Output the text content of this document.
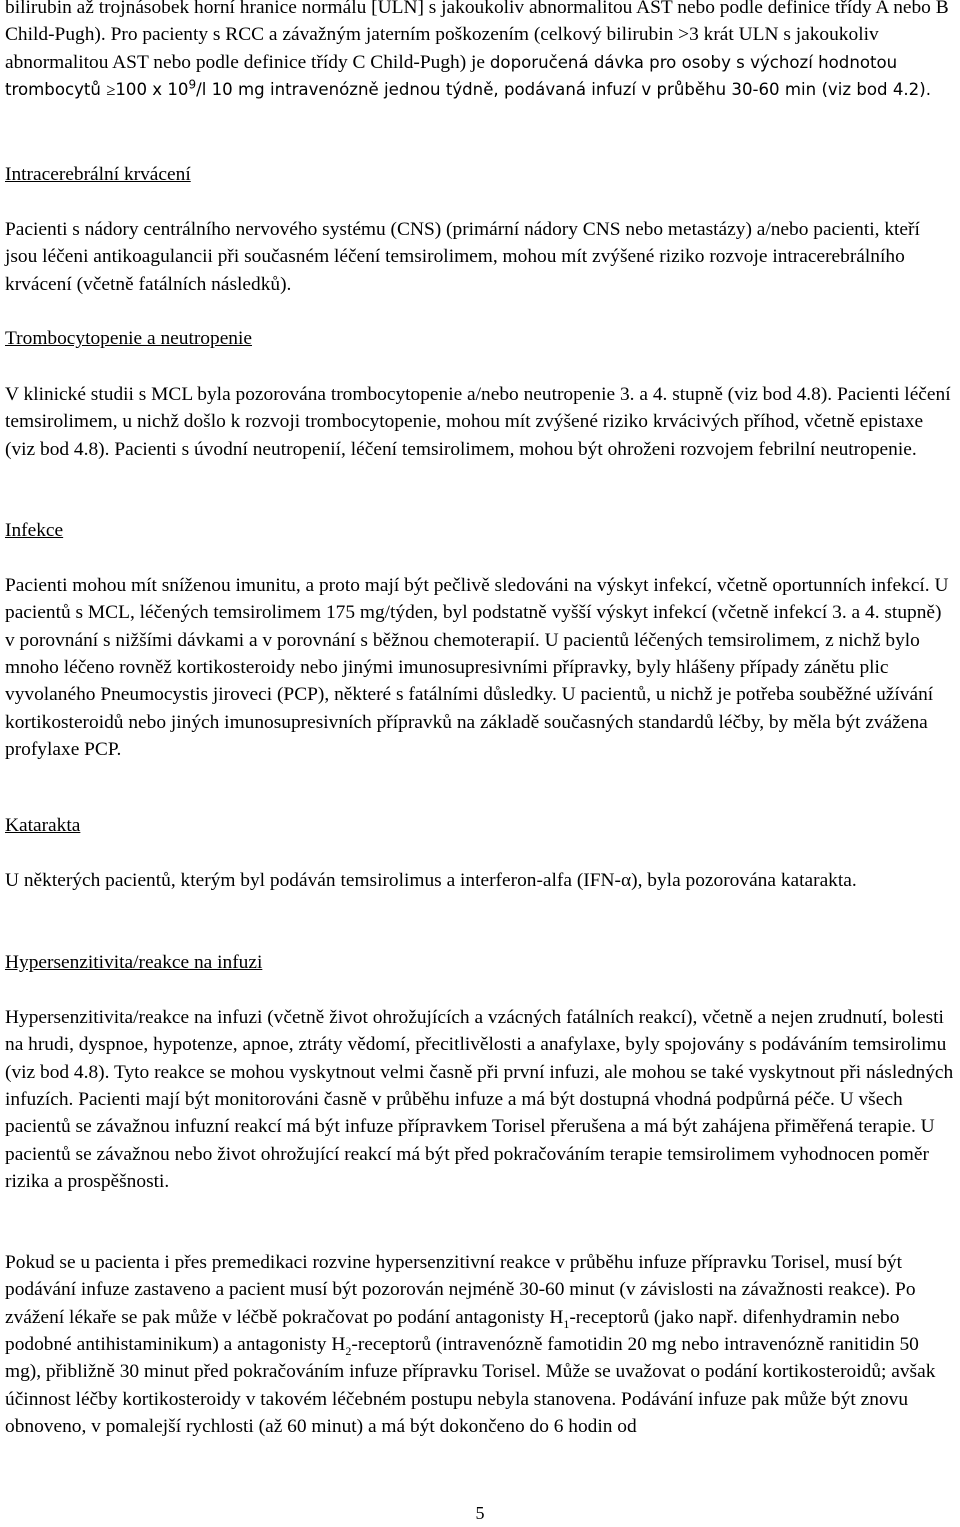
bilirubin až trojnásobek horní hranice normálu [ULN] s jakoukoliv abnormalitou AST nebo podle definice třídy A nebo B Child-Pugh). Pro pacienty s RCC a závažným jaterním poškozením (celkový bilirubin >3 krát ULN s jakoukoliv abnormalitou AST nebo podle definice třídy C Child-Pugh) je doporučená dávka pro osoby s výchozí hodnotou trombocytů ≥100 x $10^9/l$ 10 mg intravenózně jednou týdně, podávaná infuzí v průběhu 30-60 min (viz bod 4.2).

Intracerebrální krvácení

Pacienti s nádory centrálního nervového systému (CNS) (primární nádory CNS nebo metastázy) a/nebo pacienti, kteří jsou léčeni antikoagulancii při současném léčení temsirolimem, mohou mít zvýšené riziko rozvoje intracerebrálního krvácení (včetně fatálních následků).

Trombocytopenie a neutropenie

V klinické studii s MCL byla pozorována trombocytopenie a/nebo neutropenie 3. a 4. stupně (viz bod 4.8). Pacienti léčení temsirolimem, u nichž došlo k rozvoji trombocytopenie, mohou mít zvýšené riziko krvácivých příhod, včetně epistaxe (viz bod 4.8). Pacienti s úvodní neutropenií, léčení temsirolimem, mohou být ohroženi rozvojem febrilní neutropenie.

Infekce

Pacienti mohou mít sníženou imunitu, a proto mají být pečlivě sledováni na výskyt infekcí, včetně oportunních infekcí. U pacientů s MCL, léčených temsirolimem 175 mg/týden, byl podstatně vyšší výskyt infekcí (včetně infekcí 3. a 4. stupně) v porovnání s nižšími dávkami a v porovnání s běžnou chemoterapií. U pacientů léčených temsirolimem, z nichž bylo mnoho léčeno rovněž kortikosteroidy nebo jinými imunosupresivními přípravky, byly hlášeny případy zánětu plic vyvolaného Pneumocystis jiroveci (PCP), některé s fatálními důsledky. U pacientů, u nichž je potřeba souběžné užívání kortikosteroidů nebo jiných imunosupresivních přípravků na základě současných standardů léčby, by měla být zvážena profylaxe PCP.

Katarakta

U některých pacientů, kterým byl podáván temsirolimus a interferon-alfa (IFN-α), byla pozorována katarakta.

Hypersenzitivita/reakce na infuzi

Hypersenzitivita/reakce na infuzi (včetně život ohrožujících a vzácných fatálních reakcí), včetně a nejen zrudnutí, bolesti na hrudi, dyspnoe, hypotenze, apnoe, ztráty vědomí, přecitlivělosti a anafylaxe, byly spojovány s podáváním temsirolimu (viz bod 4.8). Tyto reakce se mohou vyskytnout velmi časně při první infuzi, ale mohou se také vyskytnout při následných infuzích. Pacienti mají být monitorováni časně v průběhu infuze a má být dostupná vhodná podpůrná péče. U všech pacientů se závažnou infuzní reakcí má být infuze přípravkem Torisel přerušena a má být zahájena přiměřená terapie. U pacientů se závažnou nebo život ohrožující reakcí má být před pokračováním terapie temsirolimem vyhodnocen poměr rizika a prospěšnosti.

Pokud se u pacienta i přes premedikaci rozvine hypersenzitivní reakce v průběhu infuze přípravku Torisel, musí být podávání infuze zastaveno a pacient musí být pozorován nejméně 30-60 minut (v závislosti na závažnosti reakce). Po zvážení lékaře se pak může v léčbě pokračovat po podání antagonisty $H_1$-receptorů (jako např. difenhydramin nebo podobné antihistaminikum) a antagonisty $H_2$-receptorů (intravenózně famotidin 20 mg nebo intravenózně ranitidin 50 mg), přibližně 30 minut před pokračováním infuze přípravku Torisel. Může se uvažovat o podání kortikosteroidů; avšak účinnost léčby kortikosteroidy v takovém léčebném postupu nebyla stanovena. Podávání infuze pak může být znovu obnoveno, v pomalejší rychlosti (až 60 minut) a má být dokončeno do 6 hodin od

5
